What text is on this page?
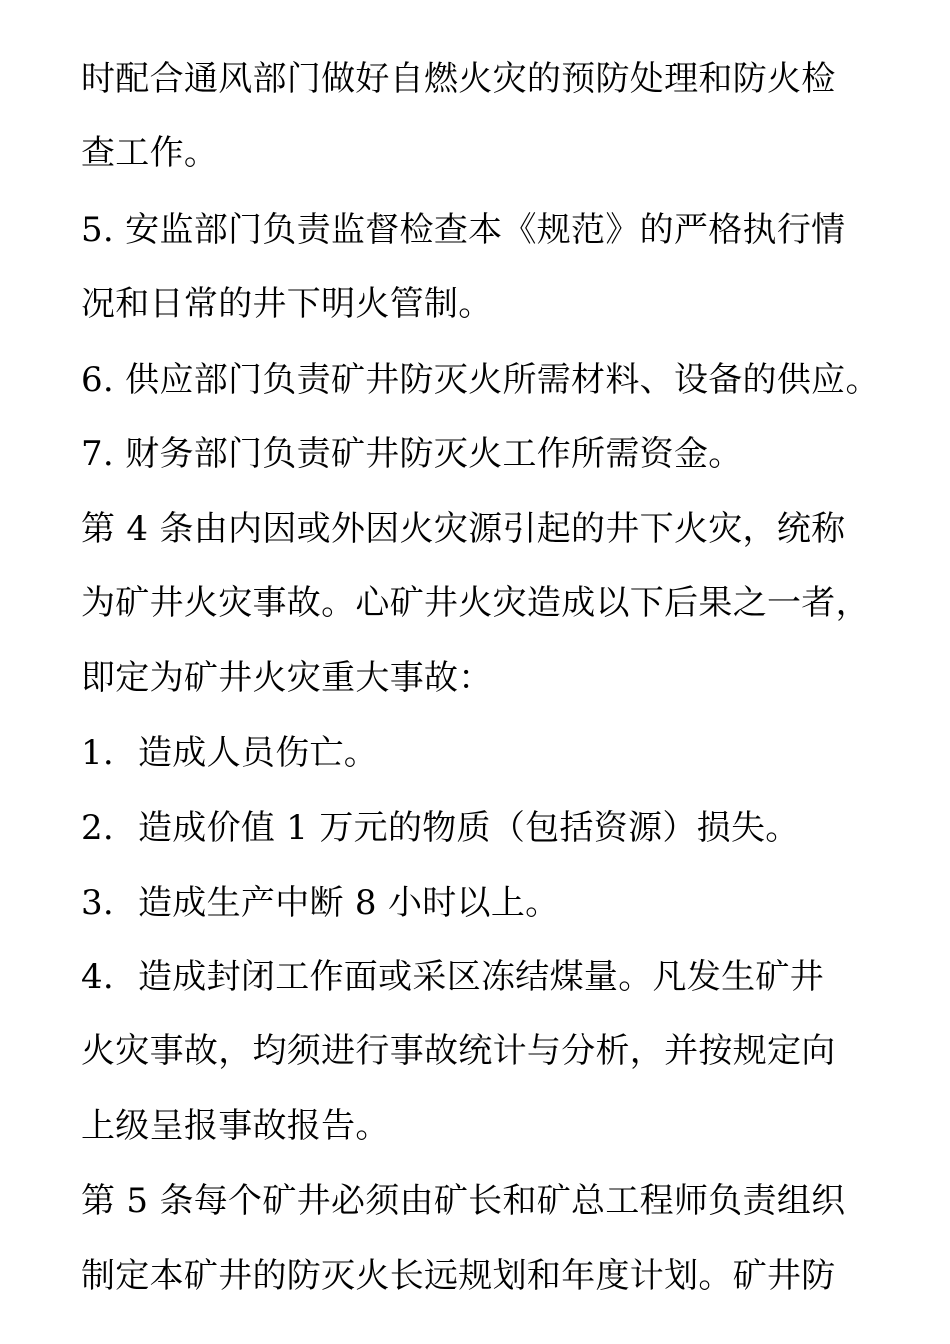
时配合通风部门做好自燃火灾的预防处理和防火检
查工作。
5. 安监部门负责监督检查本《规范》的严格执行情
况和日常的井下明火管制。
6. 供应部门负责矿井防灭火所需材料、设备的供应。
7. 财务部门负责矿井防灭火工作所需资金。
第 4 条由内因或外因火灾源引起的井下火灾，统称
为矿井火灾事故。心矿井火灾造成以下后果之一者，
即定为矿井火灾重大事故：
1. 造成人员伤亡。
2. 造成价值 1 万元的物质（包括资源）损失。
3. 造成生产中断 8 小时以上。
4. 造成封闭工作面或采区冻结煤量。凡发生矿井
火灾事故，均须进行事故统计与分析，并按规定向
上级呈报事故报告。
第 5 条每个矿井必须由矿长和矿总工程师负责组织
制定本矿井的防灭火长远规划和年度计划。矿井防
